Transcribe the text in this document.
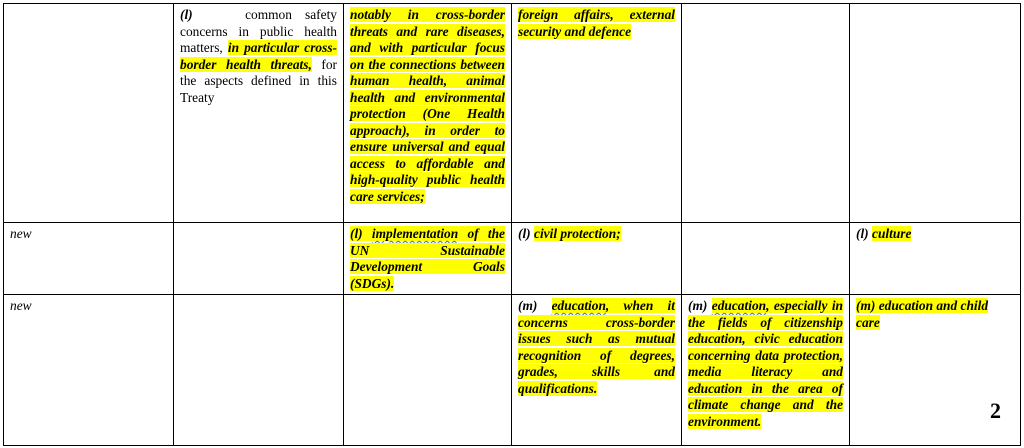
	(l) common safety concerns in public health matters, in particular cross-border health threats, for the aspects defined in this Treaty	notably in cross-border threats and rare diseases, and with particular focus on the connections between human health, animal health and environmental protection (One Health approach), in order to ensure universal and equal access to affordable and high-quality public health care services;	foreign affairs, external security and defence		
new		(l) implementation of the UN Sustainable Development Goals (SDGs).	(l) civil protection;		(l) culture
new			(m) education, when it concerns cross-border issues such as mutual recognition of degrees, grades, skills and qualifications.	(m) education, especially in the fields of citizenship education, civic education concerning data protection, media literacy and education in the area of climate change and the environment.	(m) education and child care
2
